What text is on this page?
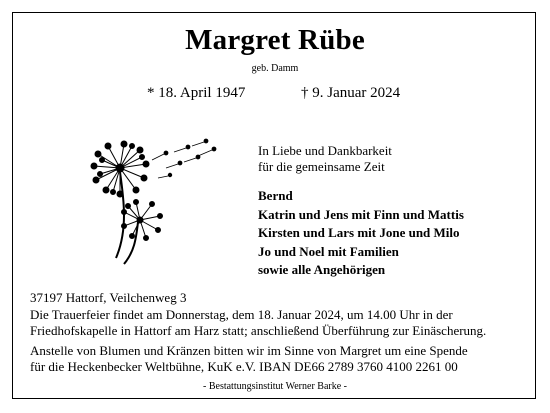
Margret Rübe
geb. Damm
* 18. April 1947	† 9. Januar 2024
In Liebe und Dankbarkeit
für die gemeinsame Zeit
Bernd
Katrin und Jens mit Finn und Mattis
Kirsten und Lars mit Jone und Milo
Jo und Noel mit Familien
sowie alle Angehörigen
37197 Hattorf, Veilchenweg 3
Die Trauerfeier findet am Donnerstag, dem 18. Januar 2024, um 14.00 Uhr in der
Friedhofskapelle in Hattorf am Harz statt; anschließend Überführung zur Einäscherung.
Anstelle von Blumen und Kränzen bitten wir im Sinne von Margret um eine Spende
für die Heckenbecker Weltbühne, KuK e.V. IBAN DE66 2789 3760 4100 2261 00
- Bestattungsinstitut Werner Barke -
